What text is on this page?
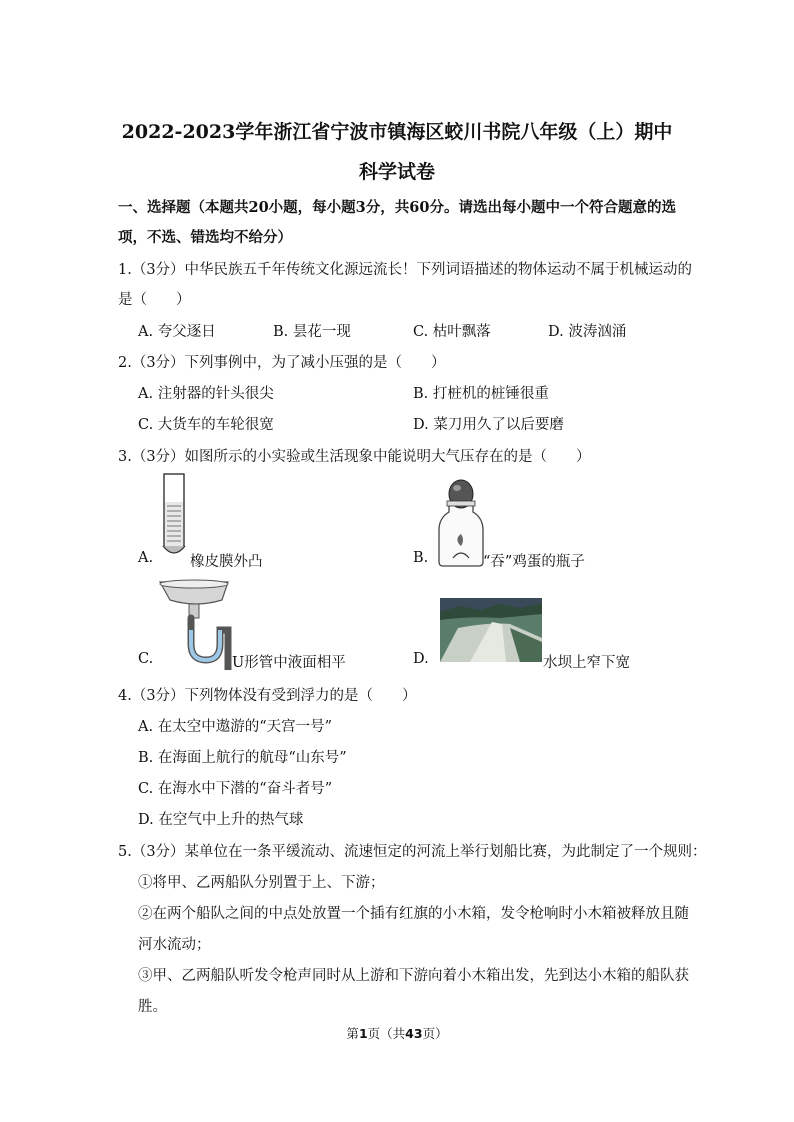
2022-2023学年浙江省宁波市镇海区蛟川书院八年级（上）期中
科学试卷
一、选择题（本题共20小题，每小题3分，共60分。请选出每小题中一个符合题意的选
项，不选、错选均不给分）
1.（3分）中华民族五千年传统文化源远流长！下列词语描述的物体运动不属于机械运动的
是（　　）
A. 夸父逐日	B. 昙花一现	C. 枯叶飘落	D. 波涛汹涌
2.（3分）下列事例中，为了减小压强的是（　　）
A. 注射器的针头很尖	B. 打桩机的桩锤很重
C. 大货车的车轮很宽	D. 菜刀用久了以后要磨
3.（3分）如图所示的小实验或生活现象中能说明大气压存在的是（　　）
A.	橡皮膜外凸	B.	“吞”鸡蛋的瓶子
C.	U形管中液面相平	D.	水坝上窄下宽
4.（3分）下列物体没有受到浮力的是（　　）
A. 在太空中遨游的“天宫一号”
B. 在海面上航行的航母“山东号”
C. 在海水中下潜的“奋斗者号”
D. 在空气中上升的热气球
5.（3分）某单位在一条平缓流动、流速恒定的河流上举行划船比赛，为此制定了一个规则：
①将甲、乙两船队分别置于上、下游；
②在两个船队之间的中点处放置一个插有红旗的小木箱，发令枪响时小木箱被释放且随
河水流动；
③甲、乙两船队听发令枪声同时从上游和下游向着小木箱出发，先到达小木箱的船队获
胜。
第1页（共43页）
